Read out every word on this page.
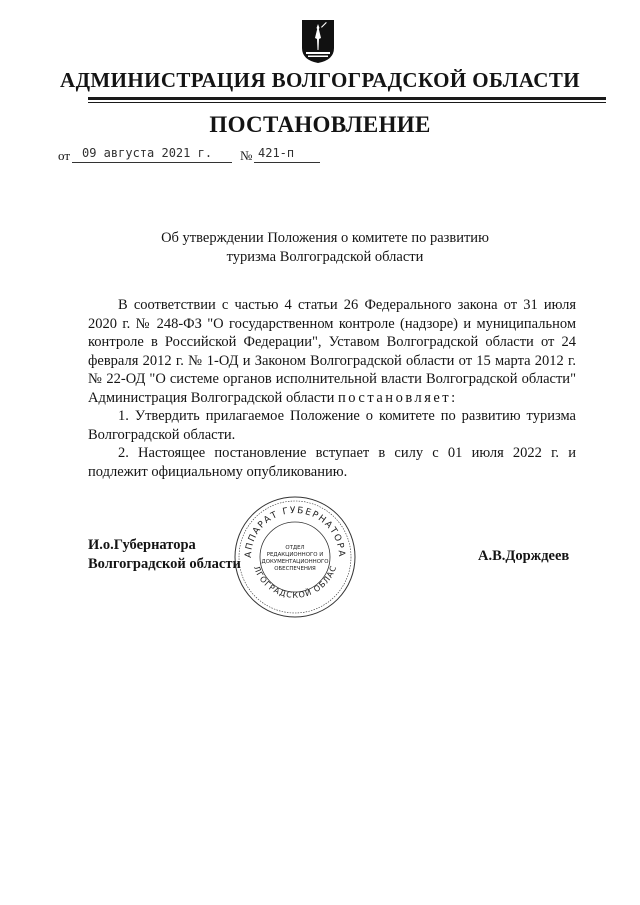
АДМИНИСТРАЦИЯ ВОЛГОГРАДСКОЙ ОБЛАСТИ
ПОСТАНОВЛЕНИЕ
от 09 августа 2021 г. № 421-п
Об утверждении Положения о комитете по развитию
туризма Волгоградской области

В соответствии с частью 4 статьи 26 Федерального закона от 31 июля 2020 г. № 248-ФЗ "О государственном контроле (надзоре) и муниципальном контроле в Российской Федерации", Уставом Волгоградской области от 24 февраля 2012 г. № 1-ОД и Законом Волгоградской области от 15 марта 2012 г. № 22-ОД "О системе органов исполнительной власти Волгоградской области" Администрация Волгоградской области постановляет:

1. Утвердить прилагаемое Положение о комитете по развитию туризма Волгоградской области.

2. Настоящее постановление вступает в силу с 01 июля 2022 г. и подлежит официальному опубликованию.

И.о.Губернатора
Волгоградской области	А.В.Дорждеев
АППАРАТ ГУБЕРНАТОРА
ЛГОГРАДСКОЙ ОБЛАС
ОТДЕЛ
РЕДАКЦИОННОГО И
ДОКУМЕНТАЦИОННОГО
ОБЕСПЕЧЕНИЯ
